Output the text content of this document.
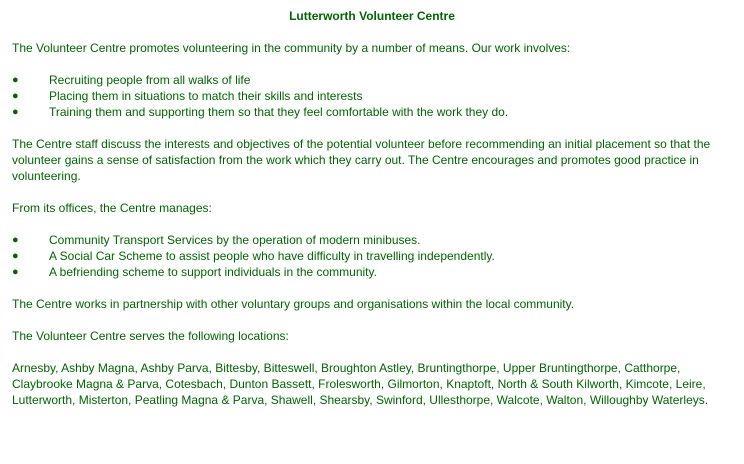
Lutterworth Volunteer Centre

The Volunteer Centre promotes volunteering in the community by a number of means. Our work involves:

●	Recruiting people from all walks of life
●	Placing them in situations to match their skills and interests
●	Training them and supporting them so that they feel comfortable with the work they do.

The Centre staff discuss the interests and objectives of the potential volunteer before recommending an initial placement so that the volunteer gains a sense of satisfaction from the work which they carry out. The Centre encourages and promotes good practice in volunteering.

From its offices, the Centre manages:

●	Community Transport Services by the operation of modern minibuses.
●	A Social Car Scheme to assist people who have difficulty in travelling independently.
●	A befriending scheme to support individuals in the community.

The Centre works in partnership with other voluntary groups and organisations within the local community.

The Volunteer Centre serves the following locations:

Arnesby, Ashby Magna, Ashby Parva, Bittesby, Bitteswell, Broughton Astley, Bruntingthorpe, Upper Bruntingthorpe, Catthorpe, Claybrooke Magna & Parva, Cotesbach, Dunton Bassett, Frolesworth, Gilmorton, Knaptoft, North & South Kilworth, Kimcote, Leire, Lutterworth, Misterton, Peatling Magna & Parva, Shawell, Shearsby, Swinford, Ullesthorpe, Walcote, Walton, Willoughby Waterleys.
